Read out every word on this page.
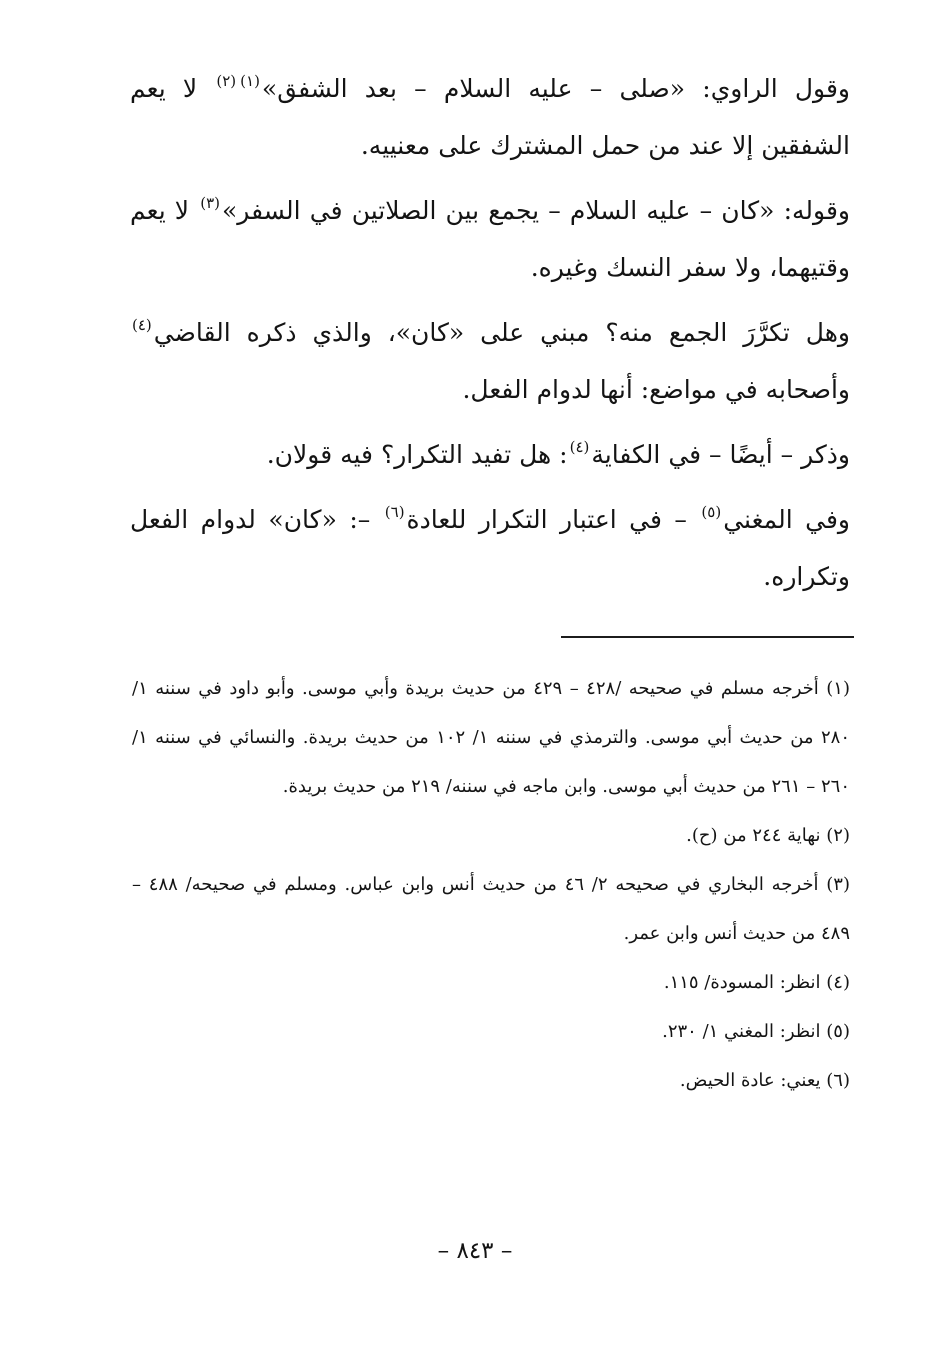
وقول الراوي: «صلى – عليه السلام – بعد الشفق»$^{(١)(٢)}$ لا يعم الشفقين إلا عند من حمل المشترك على معنييه.

وقوله: «كان – عليه السلام – يجمع بين الصلاتين في السفر»$^{(٣)}$ لا يعم وقتيهما، ولا سفر النسك وغيره.

وهل تكرَّرَ الجمع منه؟ مبني على «كان»، والذي ذكره القاضي$^{(٤)}$ وأصحابه في مواضع: أنها لدوام الفعل.

وذكر – أيضًا – في الكفاية$^{(٤)}$: هل تفيد التكرار؟ فيه قولان.

وفي المغني$^{(٥)}$ – في اعتبار التكرار للعادة$^{(٦)}$ –: «كان» لدوام الفعل وتكراره.

(١) أخرجه مسلم في صحيحه /٤٢٨ – ٤٢٩ من حديث بريدة وأبي موسى. وأبو داود في سننه ١/ ٢٨٠ من حديث أبي موسى. والترمذي في سننه ١/ ١٠٢ من حديث بريدة. والنسائي في سننه ١/ ٢٦٠ – ٢٦١ من حديث أبي موسى. وابن ماجه في سننه/ ٢١٩ من حديث بريدة.

(٢) نهاية ٢٤٤ من (ح).

(٣) أخرجه البخاري في صحيحه ٢/ ٤٦ من حديث أنس وابن عباس. ومسلم في صحيحه/ ٤٨٨ – ٤٨٩ من حديث أنس وابن عمر.

(٤) انظر: المسودة/ ١١٥.

(٥) انظر: المغني ١/ ٢٣٠.

(٦) يعني: عادة الحيض.

– ٨٤٣ –
